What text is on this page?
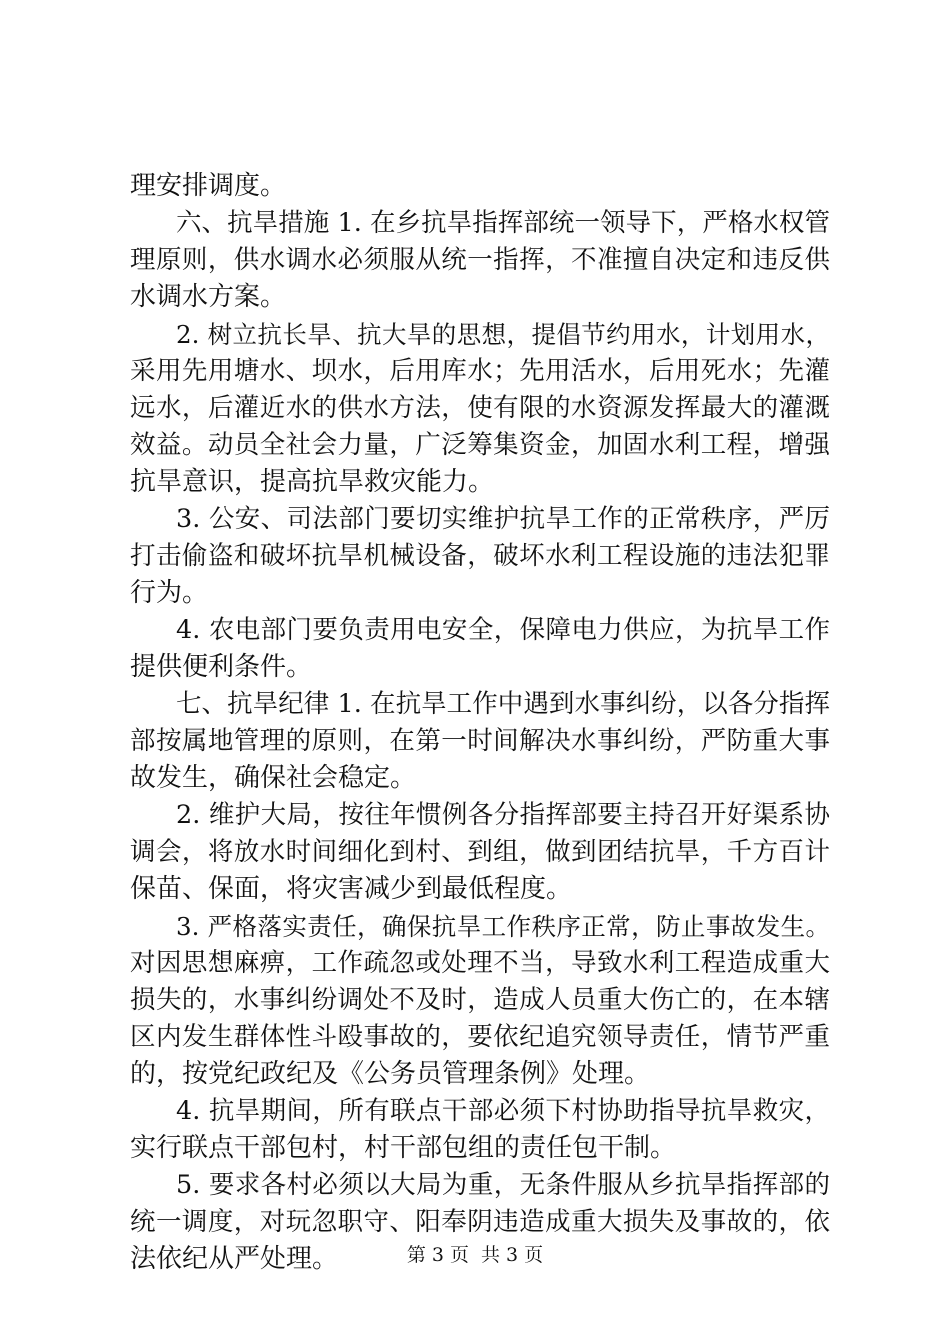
理安排调度。
六、抗旱措施 1. 在乡抗旱指挥部统一领导下，严格水权管
理原则，供水调水必须服从统一指挥，不准擅自决定和违反供
水调水方案。
2. 树立抗长旱、抗大旱的思想，提倡节约用水，计划用水，
采用先用塘水、坝水，后用库水；先用活水，后用死水；先灌
远水，后灌近水的供水方法，使有限的水资源发挥最大的灌溉
效益。动员全社会力量，广泛筹集资金，加固水利工程，增强
抗旱意识，提高抗旱救灾能力。
3. 公安、司法部门要切实维护抗旱工作的正常秩序，严厉
打击偷盗和破坏抗旱机械设备，破坏水利工程设施的违法犯罪
行为。
4. 农电部门要负责用电安全，保障电力供应，为抗旱工作
提供便利条件。
七、抗旱纪律 1. 在抗旱工作中遇到水事纠纷，以各分指挥
部按属地管理的原则，在第一时间解决水事纠纷，严防重大事
故发生，确保社会稳定。
2. 维护大局，按往年惯例各分指挥部要主持召开好渠系协
调会，将放水时间细化到村、到组，做到团结抗旱，千方百计
保苗、保面，将灾害减少到最低程度。
3. 严格落实责任，确保抗旱工作秩序正常，防止事故发生。
对因思想麻痹，工作疏忽或处理不当，导致水利工程造成重大
损失的，水事纠纷调处不及时，造成人员重大伤亡的，在本辖
区内发生群体性斗殴事故的，要依纪追究领导责任，情节严重
的，按党纪政纪及《公务员管理条例》处理。
4. 抗旱期间，所有联点干部必须下村协助指导抗旱救灾，
实行联点干部包村，村干部包组的责任包干制。
5. 要求各村必须以大局为重，无条件服从乡抗旱指挥部的
统一调度，对玩忽职守、阳奉阴违造成重大损失及事故的，依
法依纪从严处理。	第 3 页 共 3 页
